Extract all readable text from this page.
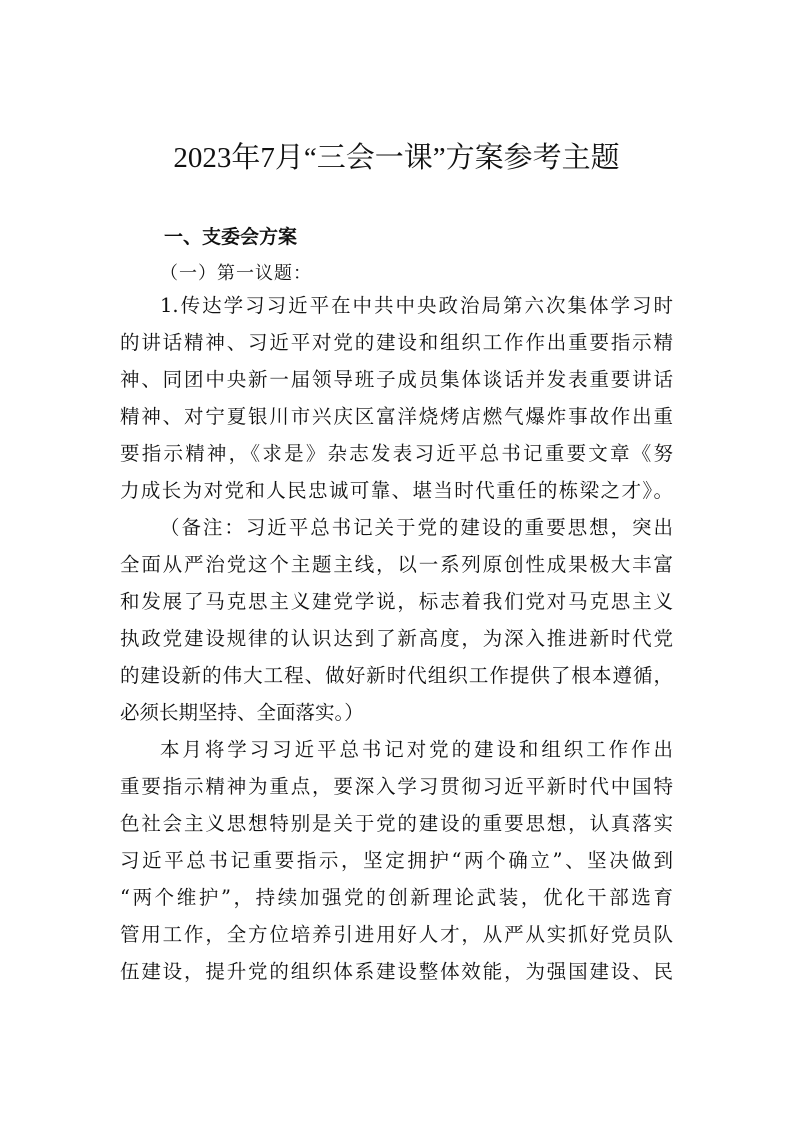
2023年7月“三会一课”方案参考主题
一、支委会方案
（一）第一议题：
1.传达学习习近平在中共中央政治局第六次集体学习时
的讲话精神、习近平对党的建设和组织工作作出重要指示精
神、同团中央新一届领导班子成员集体谈话并发表重要讲话
精神、对宁夏银川市兴庆区富洋烧烤店燃气爆炸事故作出重
要指示精神，《求是》杂志发表习近平总书记重要文章《努
力成长为对党和人民忠诚可靠、堪当时代重任的栋梁之才》。
（备注：习近平总书记关于党的建设的重要思想，突出
全面从严治党这个主题主线，以一系列原创性成果极大丰富
和发展了马克思主义建党学说，标志着我们党对马克思主义
执政党建设规律的认识达到了新高度，为深入推进新时代党
的建设新的伟大工程、做好新时代组织工作提供了根本遵循，
必须长期坚持、全面落实。）
本月将学习习近平总书记对党的建设和组织工作作出
重要指示精神为重点，要深入学习贯彻习近平新时代中国特
色社会主义思想特别是关于党的建设的重要思想，认真落实
习近平总书记重要指示，坚定拥护“两个确立”、坚决做到
“两个维护”，持续加强党的创新理论武装，优化干部选育
管用工作，全方位培养引进用好人才，从严从实抓好党员队
伍建设，提升党的组织体系建设整体效能，为强国建设、民
